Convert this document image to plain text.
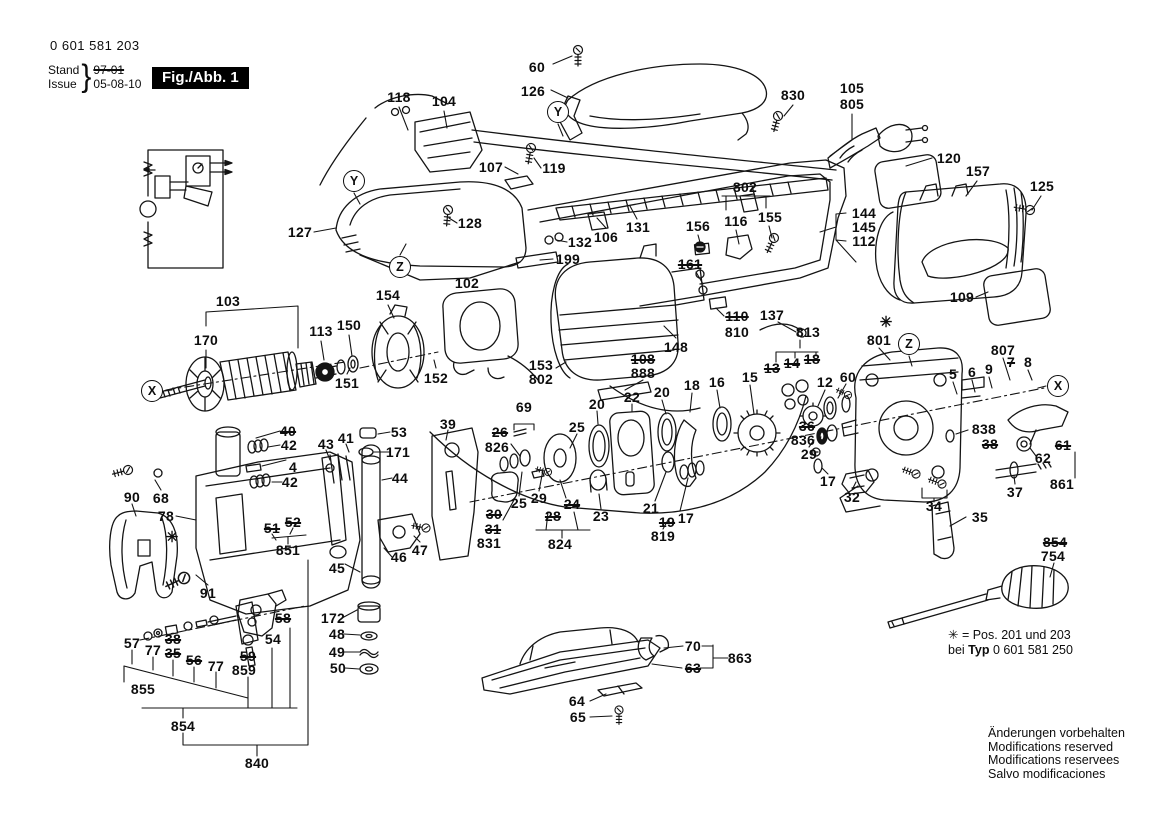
0 601 581 203
Stand
Issue } 97-01
05-08-10	Fig./Abb. 1
60
126
118 104	830 105
805
120
157
125
107	119
127
128
132 106
131
199
102
802
156 116 155	144
145
112
109
103
170
113 150
151
154
152
153
802
108
888
148
161
110
810
137
813
13 14 18
20 18 16 15	12 60
801
807
7 8
5 6 9
838
38	61
62
861
37
35
34
32
17
29
36
836
39
69
26
826
25
20 22
25 29 24
28
824
30
31
831
23 21
19
819
17
40
42
4
42
43 41	53
171
44
51 52
851
90 68
78
91
45
46 47
57 77
38
35 56 77
59
859
58
54
855
854
840
172
48
49
50
70
863
63
64
65
854
754
Y
Y
Z
Z
X	X
✳
✳
✳ = Pos. 201 und 203
bei Typ 0 601 581 250
Änderungen vorbehalten
Modifications reserved
Modifications reservees
Salvo modificaciones
